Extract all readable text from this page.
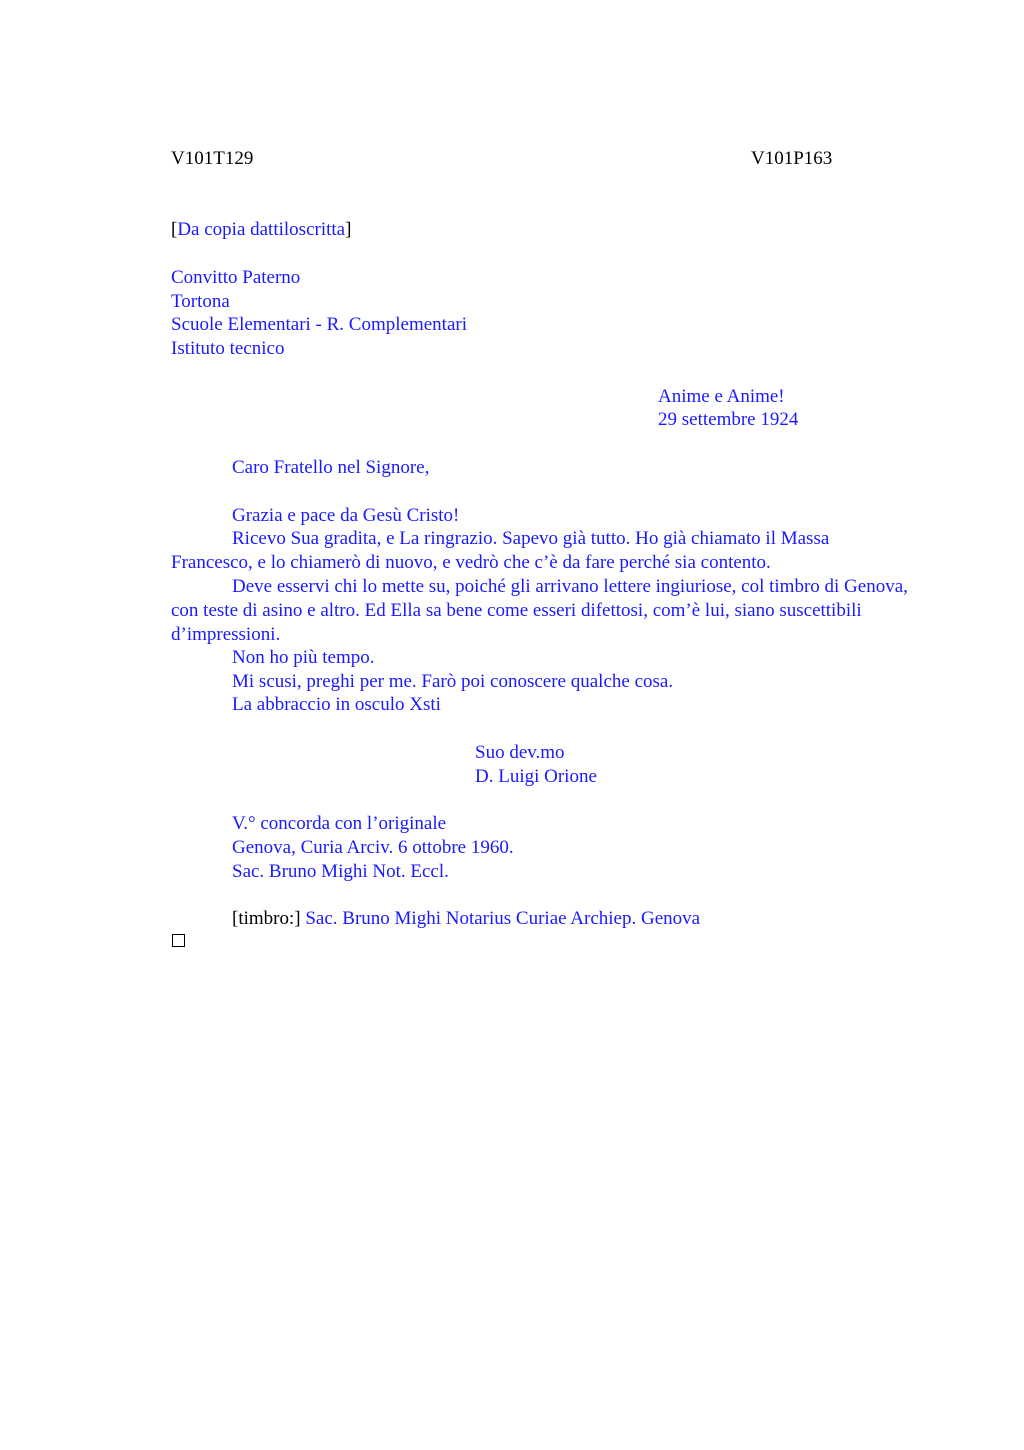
V101T129	V101P163
[Da copia dattiloscritta]
Convitto Paterno
Tortona
Scuole Elementari - R. Complementari
Istituto tecnico
Anime e Anime!
29 settembre 1924
Caro Fratello nel Signore,
Grazia e pace da Gesù Cristo!
Ricevo Sua gradita, e La ringrazio. Sapevo già tutto. Ho già chiamato il Massa Francesco, e lo chiamerò di nuovo, e vedrò che c’è da fare perché sia contento.
Deve esservi chi lo mette su, poiché gli arrivano lettere ingiuriose, col timbro di Genova, con teste di asino e altro. Ed Ella sa bene come esseri difettosi, com’è lui, siano suscettibili d’impressioni.
Non ho più tempo.
Mi scusi, preghi per me. Farò poi conoscere qualche cosa.
La abbraccio in osculo Xsti
Suo dev.mo
D. Luigi Orione
V.° concorda con l’originale
Genova, Curia Arciv. 6 ottobre 1960.
Sac. Bruno Mighi Not. Eccl.
[timbro:] Sac. Bruno Mighi Notarius Curiae Archiep. Genova
